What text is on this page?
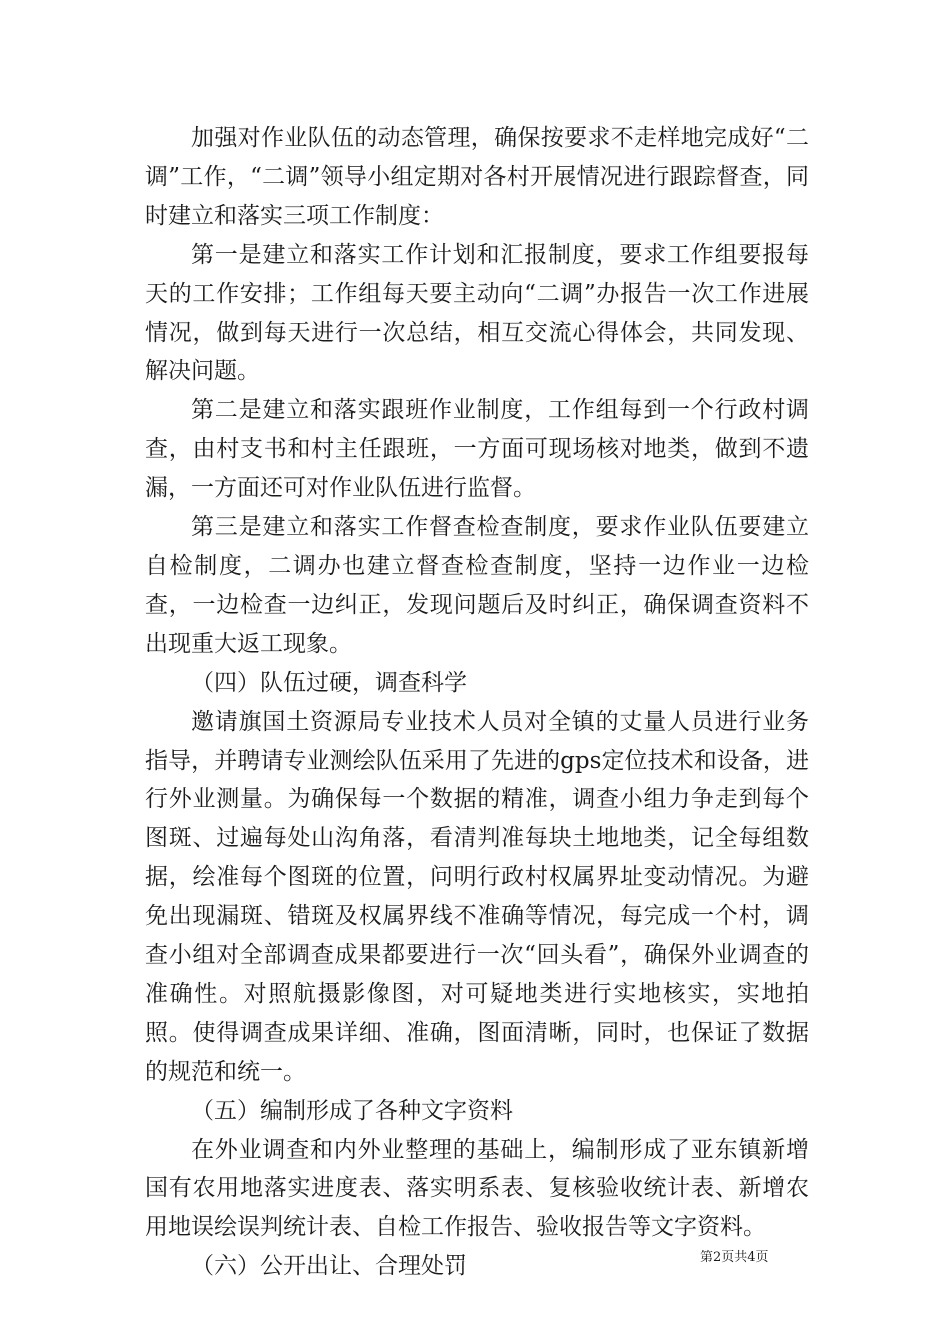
加强对作业队伍的动态管理，确保按要求不走样地完成好“二调”工作，“二调”领导小组定期对各村开展情况进行跟踪督查，同时建立和落实三项工作制度：

第一是建立和落实工作计划和汇报制度，要求工作组要报每天的工作安排；工作组每天要主动向“二调”办报告一次工作进展情况，做到每天进行一次总结，相互交流心得体会，共同发现、解决问题。

第二是建立和落实跟班作业制度，工作组每到一个行政村调查，由村支书和村主任跟班，一方面可现场核对地类，做到不遗漏，一方面还可对作业队伍进行监督。

第三是建立和落实工作督查检查制度，要求作业队伍要建立自检制度，二调办也建立督查检查制度，坚持一边作业一边检查，一边检查一边纠正，发现问题后及时纠正，确保调查资料不出现重大返工现象。

（四）队伍过硬，调查科学

邀请旗国土资源局专业技术人员对全镇的丈量人员进行业务指导，并聘请专业测绘队伍采用了先进的gps定位技术和设备，进行外业测量。为确保每一个数据的精准，调查小组力争走到每个图斑、过遍每处山沟角落，看清判准每块土地地类，记全每组数据，绘准每个图斑的位置，问明行政村权属界址变动情况。为避免出现漏斑、错斑及权属界线不准确等情况，每完成一个村，调查小组对全部调查成果都要进行一次“回头看”，确保外业调查的准确性。对照航摄影像图，对可疑地类进行实地核实，实地拍照。使得调查成果详细、准确，图面清晰，同时，也保证了数据的规范和统一。

（五）编制形成了各种文字资料

在外业调查和内外业整理的基础上，编制形成了亚东镇新增国有农用地落实进度表、落实明系表、复核验收统计表、新增农用地误绘误判统计表、自检工作报告、验收报告等文字资料。

（六）公开出让、合理处罚	第2页共4页
